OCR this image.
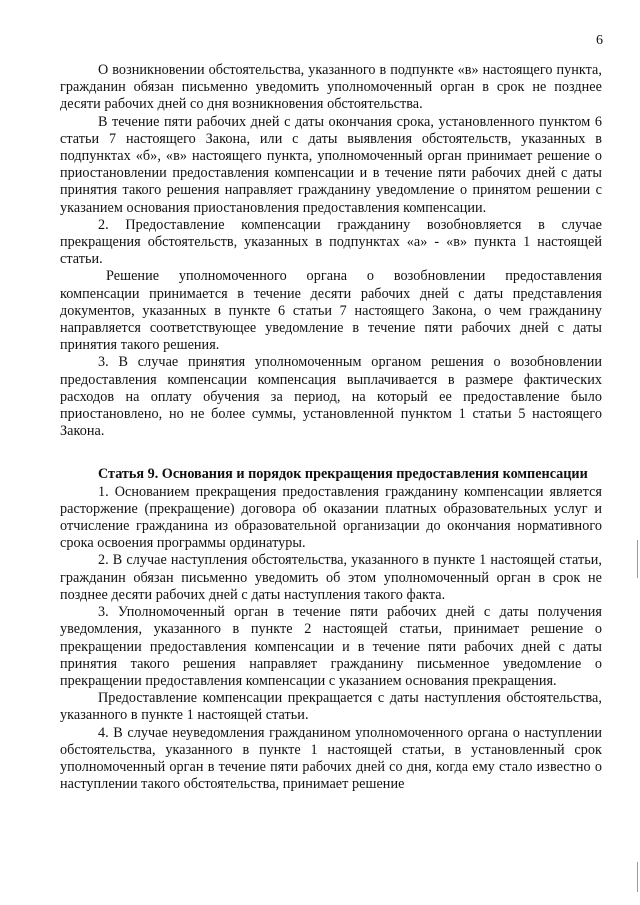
6

О возникновении обстоятельства, указанного в подпункте «в» настоящего пункта, гражданин обязан письменно уведомить уполномоченный орган в срок не позднее десяти рабочих дней со дня возникновения обстоятельства.

В течение пяти рабочих дней с даты окончания срока, установленного пунктом 6 статьи 7 настоящего Закона, или с даты выявления обстоятельств, указанных в подпунктах «б», «в» настоящего пункта, уполномоченный орган принимает решение о приостановлении предоставления компенсации и в течение пяти рабочих дней с даты принятия такого решения направляет гражданину уведомление о принятом решении с указанием основания приостановления предоставления компенсации.

2. Предоставление компенсации гражданину возобновляется в случае прекращения обстоятельств, указанных в подпунктах «а» - «в» пункта 1 настоящей статьи.

Решение уполномоченного органа о возобновлении предоставления компенсации принимается в течение десяти рабочих дней с даты представления документов, указанных в пункте 6 статьи 7 настоящего Закона, о чем гражданину направляется соответствующее уведомление в течение пяти рабочих дней с даты принятия такого решения.

3. В случае принятия уполномоченным органом решения о возобновлении предоставления компенсации компенсация выплачивается в размере фактических расходов на оплату обучения за период, на который ее предоставление было приостановлено, но не более суммы, установленной пунктом 1 статьи 5 настоящего Закона.

Статья 9. Основания и порядок прекращения предоставления компенсации

1. Основанием прекращения предоставления гражданину компенсации является расторжение (прекращение) договора об оказании платных образовательных услуг и отчисление гражданина из образовательной организации до окончания нормативного срока освоения программы ординатуры.

2. В случае наступления обстоятельства, указанного в пункте 1 настоящей статьи, гражданин обязан письменно уведомить об этом уполномоченный орган в срок не позднее десяти рабочих дней с даты наступления такого факта.

3. Уполномоченный орган в течение пяти рабочих дней с даты получения уведомления, указанного в пункте 2 настоящей статьи, принимает решение о прекращении предоставления компенсации и в течение пяти рабочих дней с даты принятия такого решения направляет гражданину письменное уведомление о прекращении предоставления компенсации с указанием основания прекращения.

Предоставление компенсации прекращается с даты наступления обстоятельства, указанного в пункте 1 настоящей статьи.

4. В случае неуведомления гражданином уполномоченного органа о наступлении обстоятельства, указанного в пункте 1 настоящей статьи, в установленный срок уполномоченный орган в течение пяти рабочих дней со дня, когда ему стало известно о наступлении такого обстоятельства, принимает решение
